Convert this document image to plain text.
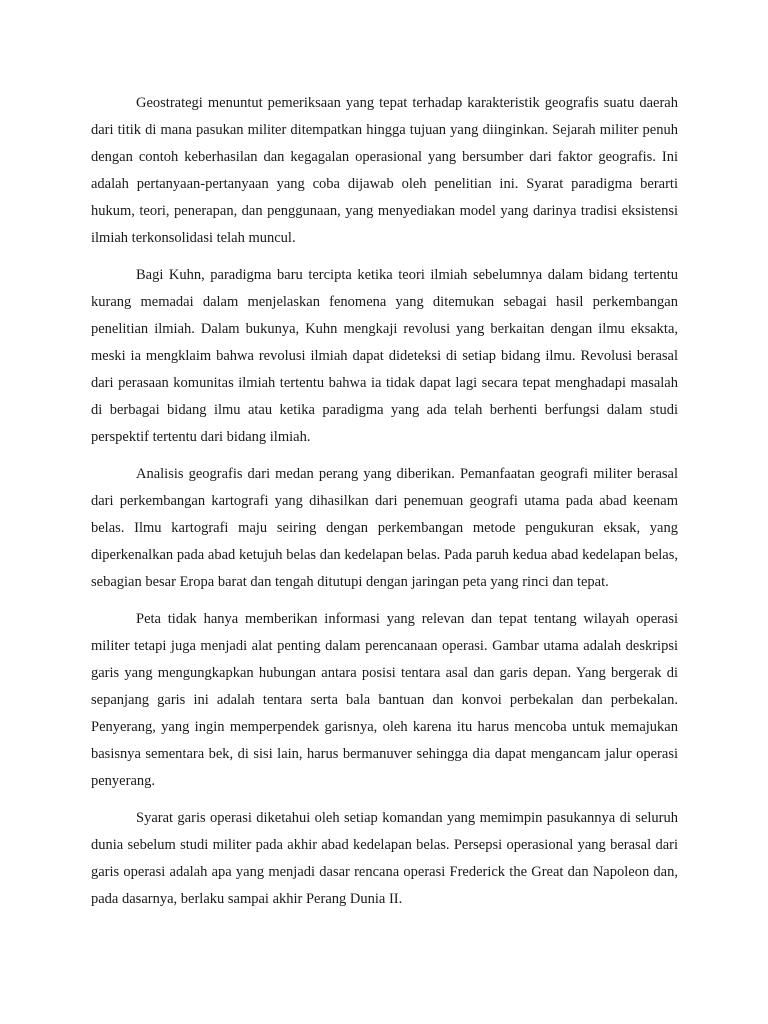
Geostrategi menuntut pemeriksaan yang tepat terhadap karakteristik geografis suatu daerah dari titik di mana pasukan militer ditempatkan hingga tujuan yang diinginkan. Sejarah militer penuh dengan contoh keberhasilan dan kegagalan operasional yang bersumber dari faktor geografis. Ini adalah pertanyaan-pertanyaan yang coba dijawab oleh penelitian ini. Syarat paradigma berarti hukum, teori, penerapan, dan penggunaan, yang menyediakan model yang darinya tradisi eksistensi ilmiah terkonsolidasi telah muncul.

Bagi Kuhn, paradigma baru tercipta ketika teori ilmiah sebelumnya dalam bidang tertentu kurang memadai dalam menjelaskan fenomena yang ditemukan sebagai hasil perkembangan penelitian ilmiah. Dalam bukunya, Kuhn mengkaji revolusi yang berkaitan dengan ilmu eksakta, meski ia mengklaim bahwa revolusi ilmiah dapat dideteksi di setiap bidang ilmu. Revolusi berasal dari perasaan komunitas ilmiah tertentu bahwa ia tidak dapat lagi secara tepat menghadapi masalah di berbagai bidang ilmu atau ketika paradigma yang ada telah berhenti berfungsi dalam studi perspektif tertentu dari bidang ilmiah.

Analisis geografis dari medan perang yang diberikan. Pemanfaatan geografi militer berasal dari perkembangan kartografi yang dihasilkan dari penemuan geografi utama pada abad keenam belas. Ilmu kartografi maju seiring dengan perkembangan metode pengukuran eksak, yang diperkenalkan pada abad ketujuh belas dan kedelapan belas. Pada paruh kedua abad kedelapan belas, sebagian besar Eropa barat dan tengah ditutupi dengan jaringan peta yang rinci dan tepat.

Peta tidak hanya memberikan informasi yang relevan dan tepat tentang wilayah operasi militer tetapi juga menjadi alat penting dalam perencanaan operasi. Gambar utama adalah deskripsi garis yang mengungkapkan hubungan antara posisi tentara asal dan garis depan. Yang bergerak di sepanjang garis ini adalah tentara serta bala bantuan dan konvoi perbekalan dan perbekalan. Penyerang, yang ingin memperpendek garisnya, oleh karena itu harus mencoba untuk memajukan basisnya sementara bek, di sisi lain, harus bermanuver sehingga dia dapat mengancam jalur operasi penyerang.

Syarat garis operasi diketahui oleh setiap komandan yang memimpin pasukannya di seluruh dunia sebelum studi militer pada akhir abad kedelapan belas. Persepsi operasional yang berasal dari garis operasi adalah apa yang menjadi dasar rencana operasi Frederick the Great dan Napoleon dan, pada dasarnya, berlaku sampai akhir Perang Dunia II.
